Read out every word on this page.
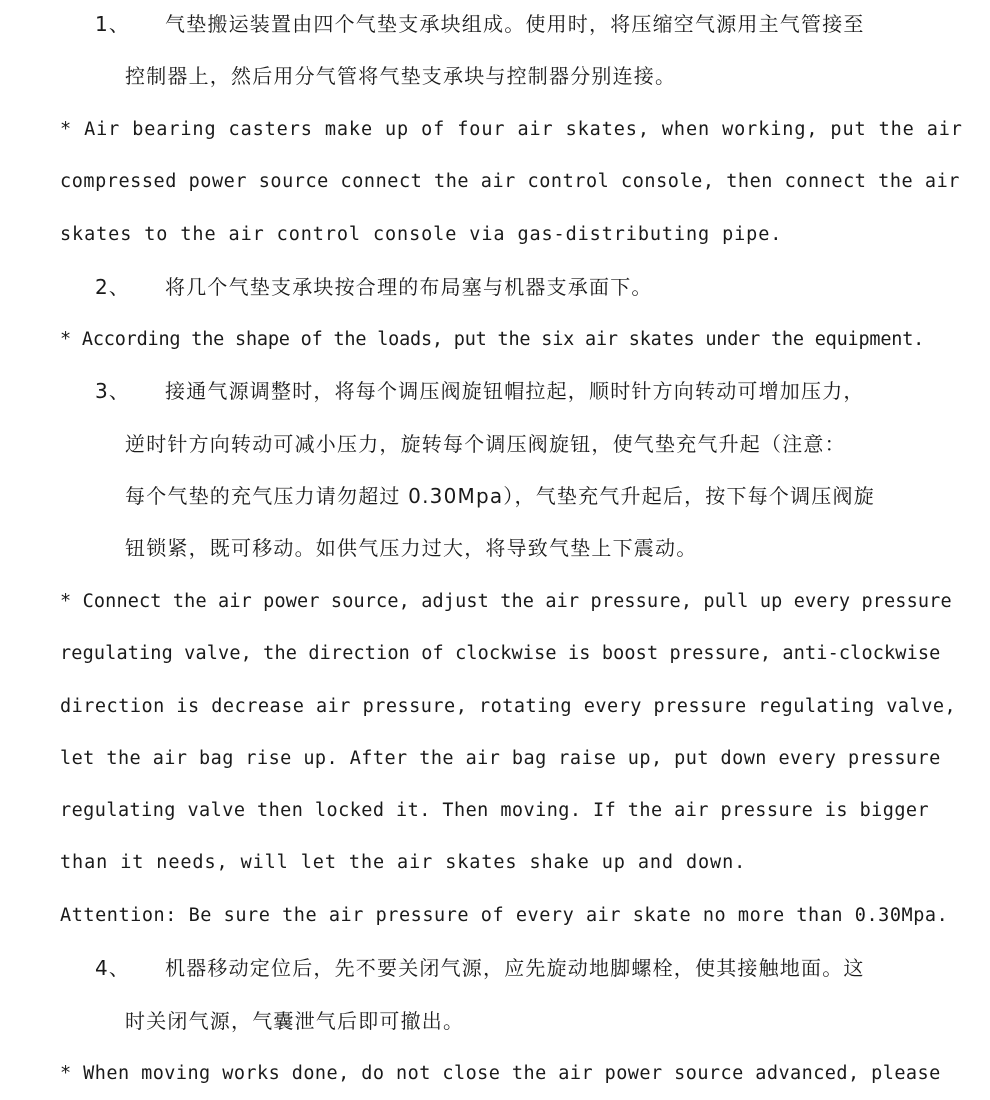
1、 气垫搬运装置由四个气垫支承块组成。使用时，将压缩空气源用主气管接至
控制器上，然后用分气管将气垫支承块与控制器分别连接。
* Air bearing casters make up of four air skates, when working, put the air
compressed power source connect the air control console, then connect the air
skates to the air control console via gas-distributing pipe.
2、 将几个气垫支承块按合理的布局塞与机器支承面下。
* According the shape of the loads, put the six air skates under the equipment.
3、 接通气源调整时，将每个调压阀旋钮帽拉起，顺时针方向转动可增加压力，
逆时针方向转动可减小压力，旋转每个调压阀旋钮，使气垫充气升起（注意：
每个气垫的充气压力请勿超过 0.30Mpa），气垫充气升起后，按下每个调压阀旋
钮锁紧，既可移动。如供气压力过大，将导致气垫上下震动。
* Connect the air power source, adjust the air pressure, pull up every pressure
regulating valve, the direction of clockwise is boost pressure, anti-clockwise
direction is decrease air pressure, rotating every pressure regulating valve,
let the air bag rise up. After the air bag raise up, put down every pressure
regulating valve then locked it. Then moving. If the air pressure is bigger
than it needs, will let the air skates shake up and down.
Attention: Be sure the air pressure of every air skate no more than 0.30Mpa.
4、 机器移动定位后，先不要关闭气源，应先旋动地脚螺栓，使其接触地面。这
时关闭气源，气囊泄气后即可撤出。
* When moving works done, do not close the air power source advanced, please
